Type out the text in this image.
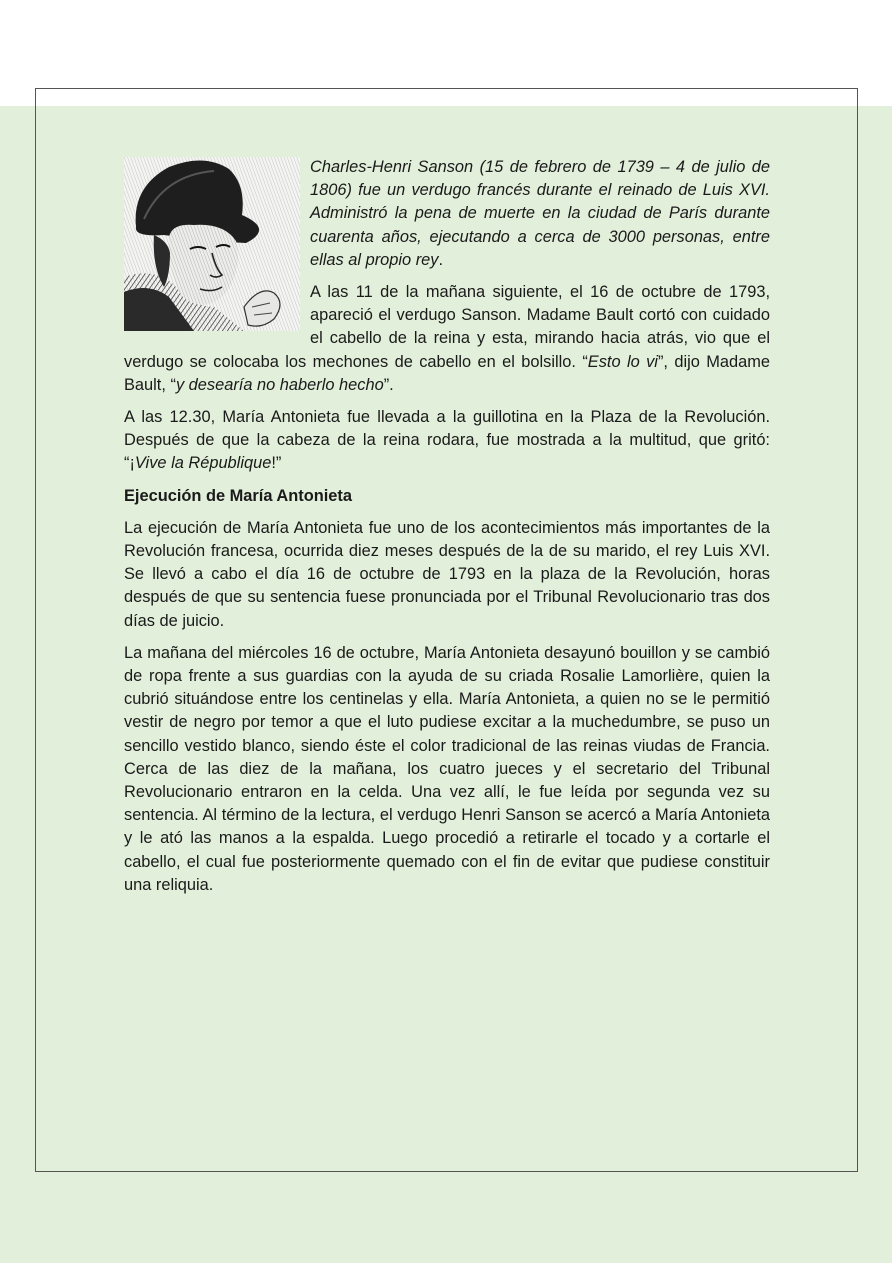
Charles-Henri Sanson (15 de febrero de 1739 – 4 de julio de 1806) fue un verdugo francés durante el reinado de Luis XVI. Administró la pena de muerte en la ciudad de París durante cuarenta años, ejecutando a cerca de 3000 personas, entre ellas al propio rey.

A las 11 de la mañana siguiente, el 16 de octubre de 1793, apareció el verdugo Sanson. Madame Bault cortó con cuidado el cabello de la reina y esta, mirando hacia atrás, vio que el verdugo se colocaba los mechones de cabello en el bolsillo. “Esto lo vi”, dijo Madame Bault, “y desearía no haberlo hecho”.

A las 12.30, María Antonieta fue llevada a la guillotina en la Plaza de la Revolución. Después de que la cabeza de la reina rodara, fue mostrada a la multitud, que gritó: “¡Vive la République!”

Ejecución de María Antonieta

La ejecución de María Antonieta fue uno de los acontecimientos más importantes de la Revolución francesa, ocurrida diez meses después de la de su marido, el rey Luis XVI. Se llevó a cabo el día 16 de octubre de 1793 en la plaza de la Revolución, horas después de que su sentencia fuese pronunciada por el Tribunal Revolucionario tras dos días de juicio.

La mañana del miércoles 16 de octubre, María Antonieta desayunó bouillon y se cambió de ropa frente a sus guardias con la ayuda de su criada Rosalie Lamorlière, quien la cubrió situándose entre los centinelas y ella. María Antonieta, a quien no se le permitió vestir de negro por temor a que el luto pudiese excitar a la muchedumbre, se puso un sencillo vestido blanco, siendo éste el color tradicional de las reinas viudas de Francia. Cerca de las diez de la mañana, los cuatro jueces y el secretario del Tribunal Revolucionario entraron en la celda. Una vez allí, le fue leída por segunda vez su sentencia. Al término de la lectura, el verdugo Henri Sanson se acercó a María Antonieta y le ató las manos a la espalda. Luego procedió a retirarle el tocado y a cortarle el cabello, el cual fue posteriormente quemado con el fin de evitar que pudiese constituir una reliquia.
